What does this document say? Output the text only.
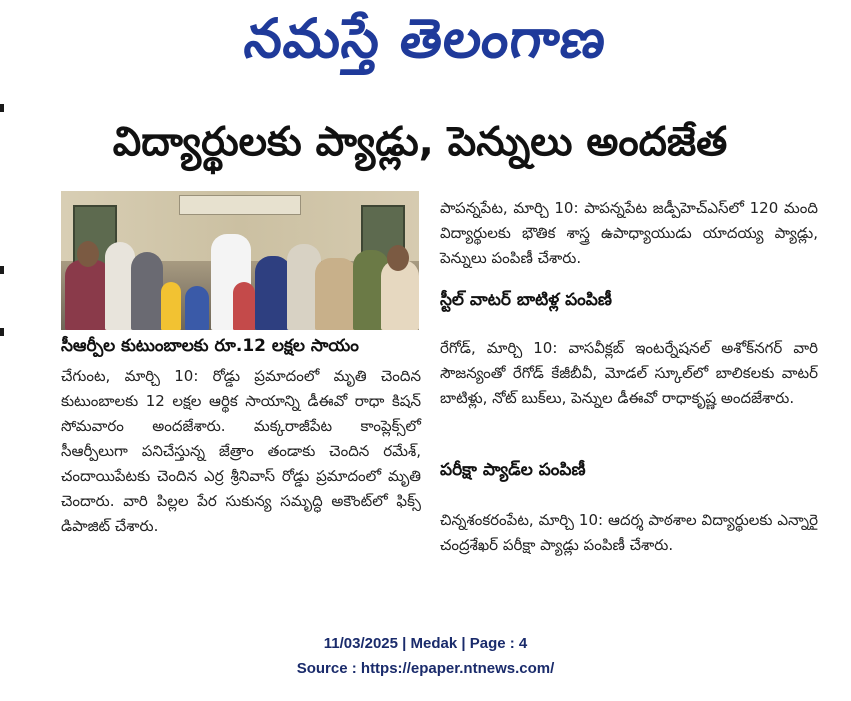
నమస్తే తెలంగాణ
విద్యార్థులకు ప్యాడ్లు, పెన్నులు అందజేత
సీఆర్పీల కుటుంబాలకు రూ.12 లక్షల సాయం

చేగుంట, మార్చి 10: రోడ్డు ప్రమాదంలో మృతి చెందిన కుటుంబాలకు 12 లక్షల ఆర్థిక సాయాన్ని డీఈవో రాధా కిషన్ సోమవారం అందజేశారు. మక్కరాజీపేట కాంప్లెక్స్‌లో సీఆర్పీలుగా పనిచేస్తున్న జేత్రాం తండాకు చెందిన రమేశ్, చందాయిపేటకు చెందిన ఎర్ర శ్రీనివాస్ రోడ్డు ప్రమాదంలో మృతి చెందారు. వారి పిల్లల పేర సుకున్య సమృద్ధి అకౌంట్‌లో ఫిక్స్ డిపాజిట్ చేశారు.

పాపన్నపేట, మార్చి 10: పాపన్నపేట జడ్పీహెచ్ఎస్‌లో 120 మంది విద్యార్థులకు భౌతిక శాస్త్ర ఉపాధ్యాయుడు యాదయ్య ప్యాడ్లు, పెన్నులు పంపిణీ చేశారు.

స్టీల్ వాటర్ బాటిళ్ల పంపిణీ

రేగోడ్, మార్చి 10: వాసవీక్లబ్ ఇంటర్నేషనల్ అశోక్‌నగర్ వారి సౌజన్యంతో రేగోడ్ కేజీబీవీ, మోడల్ స్కూల్‌లో బాలికలకు వాటర్ బాటిళ్లు, నోట్ బుక్‌లు, పెన్నుల డీఈవో రాధాకృష్ణ అందజేశారు.

పరీక్షా ప్యాడ్‌ల పంపిణీ

చిన్నశంకరంపేట, మార్చి 10: ఆదర్శ పాఠశాల విద్యార్థులకు ఎన్నారై చంద్రశేఖర్ పరీక్షా ప్యాడ్లు పంపిణీ చేశారు.

11/03/2025 | Medak | Page : 4
Source : https://epaper.ntnews.com/
